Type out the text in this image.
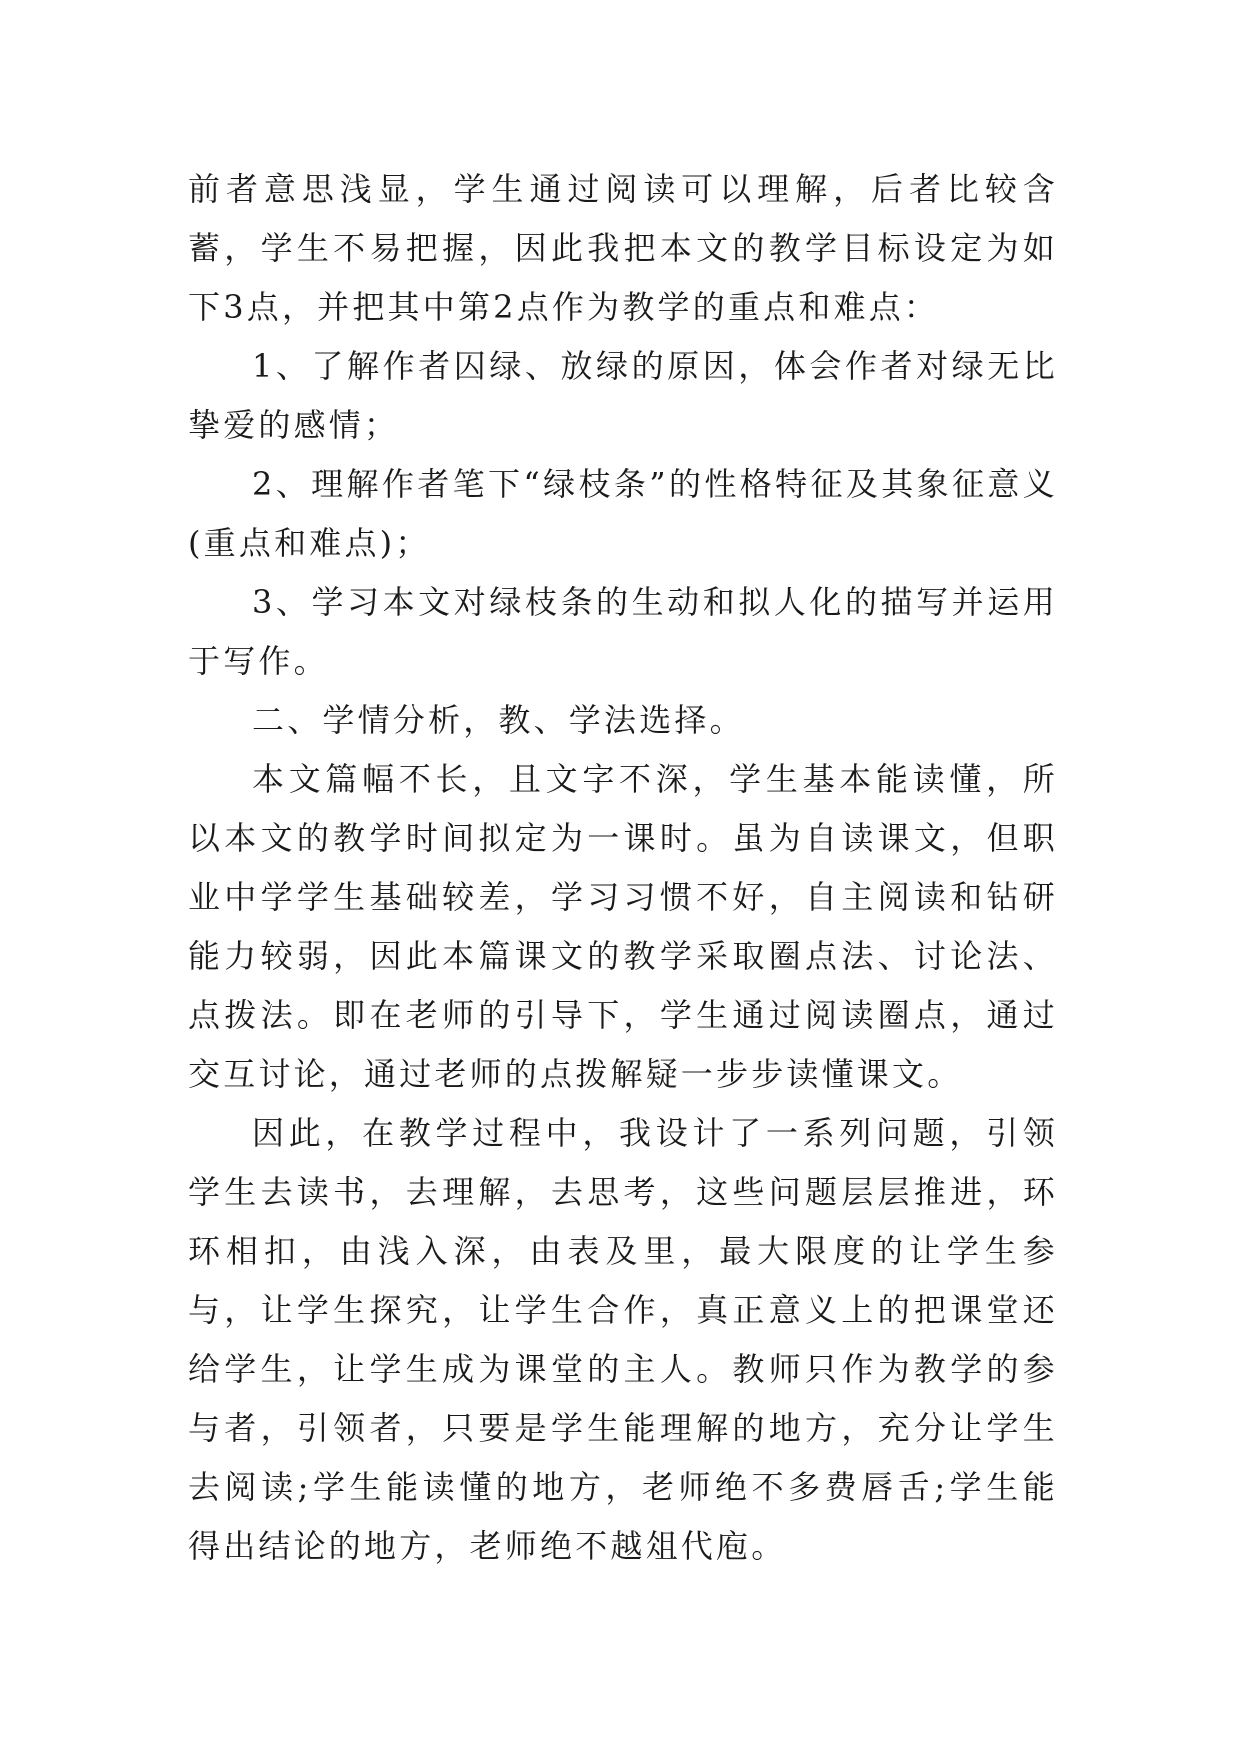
前者意思浅显，学生通过阅读可以理解，后者比较含蓄，学生不易把握，因此我把本文的教学目标设定为如下3点，并把其中第2点作为教学的重点和难点：

1、了解作者囚绿、放绿的原因，体会作者对绿无比挚爱的感情；

2、理解作者笔下“绿枝条”的性格特征及其象征意义(重点和难点)；

3、学习本文对绿枝条的生动和拟人化的描写并运用于写作。

二、学情分析，教、学法选择。

本文篇幅不长，且文字不深，学生基本能读懂，所以本文的教学时间拟定为一课时。虽为自读课文，但职业中学学生基础较差，学习习惯不好，自主阅读和钻研能力较弱，因此本篇课文的教学采取圈点法、讨论法、点拨法。即在老师的引导下，学生通过阅读圈点，通过交互讨论，通过老师的点拨解疑一步步读懂课文。

因此，在教学过程中，我设计了一系列问题，引领学生去读书，去理解，去思考，这些问题层层推进，环环相扣，由浅入深，由表及里，最大限度的让学生参与，让学生探究，让学生合作，真正意义上的把课堂还给学生，让学生成为课堂的主人。教师只作为教学的参与者，引领者，只要是学生能理解的地方，充分让学生去阅读;学生能读懂的地方，老师绝不多费唇舌;学生能得出结论的地方，老师绝不越俎代庖。
